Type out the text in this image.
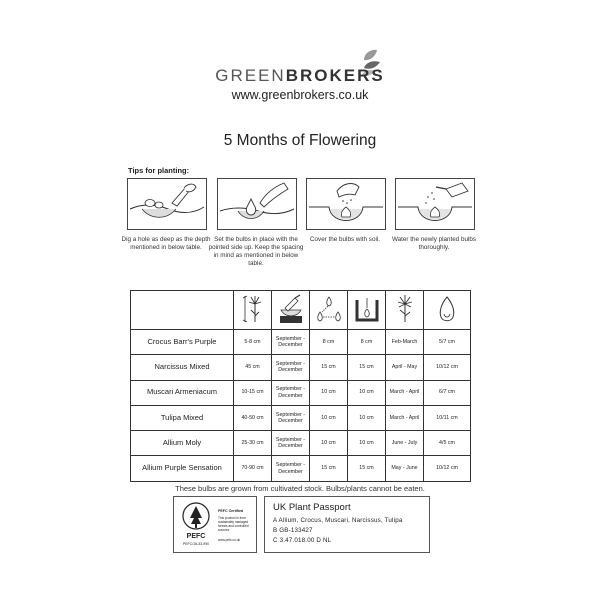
GREENBROKERS
www.greenbrokers.co.uk
5 Months of Flowering
Tips for planting:
Dig a hole as deep as the depth mentioned in below table.
Set the bulbs in place with the pointed side up. Keep the spacing in mind as mentioned in below table.
Cover the bulbs with soil.	Water the newly planted bulbs thoroughly.

Crocus Barr's Purple	5-8 cm	September - December	8 cm	8 cm	Feb-March	5/7 cm
Narcissus Mixed	45 cm	September - December	15 cm	15 cm	April - May	10/12 cm
Muscari Armeniacum	10-15 cm	September - December	10 cm	10 cm	March - April	6/7 cm
Tulipa Mixed	40-50 cm	September - December	10 cm	10 cm	March - April	10/11 cm
Allium Moly	25-30 cm	September - December	10 cm	10 cm	June - July	4/5 cm
Allium Purple Sensation	70-90 cm	September - December	15 cm	15 cm	May - June	10/12 cm
These bulbs are grown from cultivated stock. Bulbs/plants cannot be eaten.
PEFC
PEFC/16-33-990
PEFC Certified
This product is from sustainably managed forests and controlled sources
www.pefc.co.uk
UK Plant Passport
A Allium, Crocus, Muscari, Narcissus, Tulipa
B GB-133427
C 3.47.018.00 D NL
